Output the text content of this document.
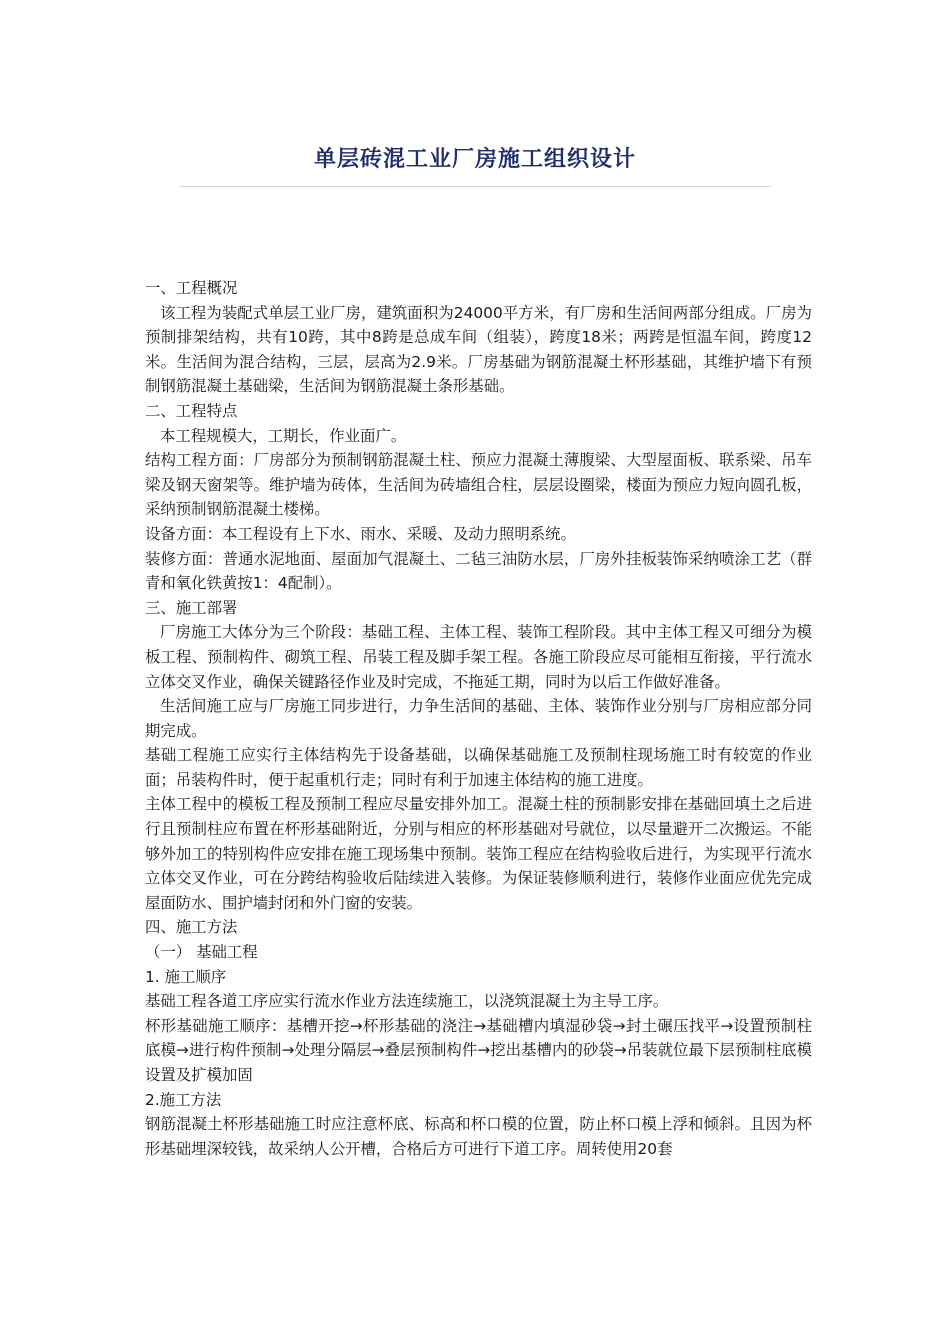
单层砖混工业厂房施工组织设计

一、工程概况

该工程为装配式单层工业厂房，建筑面积为24000平方米，有厂房和生活间两部分组成。厂房为预制排架结构，共有10跨，其中8跨是总成车间（组装），跨度18米；两跨是恒温车间，跨度12米。生活间为混合结构，三层，层高为2.9米。厂房基础为钢筋混凝土杯形基础，其维护墙下有预制钢筋混凝土基础梁，生活间为钢筋混凝土条形基础。

二、工程特点

本工程规模大，工期长，作业面广。

结构工程方面：厂房部分为预制钢筋混凝土柱、预应力混凝土薄腹梁、大型屋面板、联系梁、吊车梁及钢天窗架等。维护墙为砖体，生活间为砖墙组合柱，层层设圈梁，楼面为预应力短向圆孔板，采纳预制钢筋混凝土楼梯。

设备方面：本工程设有上下水、雨水、采暖、及动力照明系统。

装修方面：普通水泥地面、屋面加气混凝土、二毡三油防水层，厂房外挂板装饰采纳喷涂工艺（群青和氧化铁黄按1：4配制）。

三、施工部署

厂房施工大体分为三个阶段：基础工程、主体工程、装饰工程阶段。其中主体工程又可细分为模板工程、预制构件、砌筑工程、吊装工程及脚手架工程。各施工阶段应尽可能相互衔接，平行流水立体交叉作业，确保关键路径作业及时完成，不拖延工期，同时为以后工作做好准备。

生活间施工应与厂房施工同步进行，力争生活间的基础、主体、装饰作业分别与厂房相应部分同期完成。

基础工程施工应实行主体结构先于设备基础，以确保基础施工及预制柱现场施工时有较宽的作业面；吊装构件时，便于起重机行走；同时有利于加速主体结构的施工进度。

主体工程中的模板工程及预制工程应尽量安排外加工。混凝土柱的预制影安排在基础回填土之后进行且预制柱应布置在杯形基础附近，分别与相应的杯形基础对号就位，以尽量避开二次搬运。不能够外加工的特别构件应安排在施工现场集中预制。装饰工程应在结构验收后进行，为实现平行流水立体交叉作业，可在分跨结构验收后陆续进入装修。为保证装修顺利进行，装修作业面应优先完成屋面防水、围护墙封闭和外门窗的安装。

四、施工方法

（一） 基础工程

1. 施工顺序

基础工程各道工序应实行流水作业方法连续施工，以浇筑混凝土为主导工序。

杯形基础施工顺序：基槽开挖→杯形基础的浇注→基础槽内填湿砂袋→封土碾压找平→设置预制柱底模→进行构件预制→处理分隔层→叠层预制构件→挖出基槽内的砂袋→吊装就位最下层预制柱底模设置及扩模加固

2.施工方法

钢筋混凝土杯形基础施工时应注意杯底、标高和杯口模的位置，防止杯口模上浮和倾斜。且因为杯形基础埋深较钱，故采纳人公开槽，合格后方可进行下道工序。周转使用20套
